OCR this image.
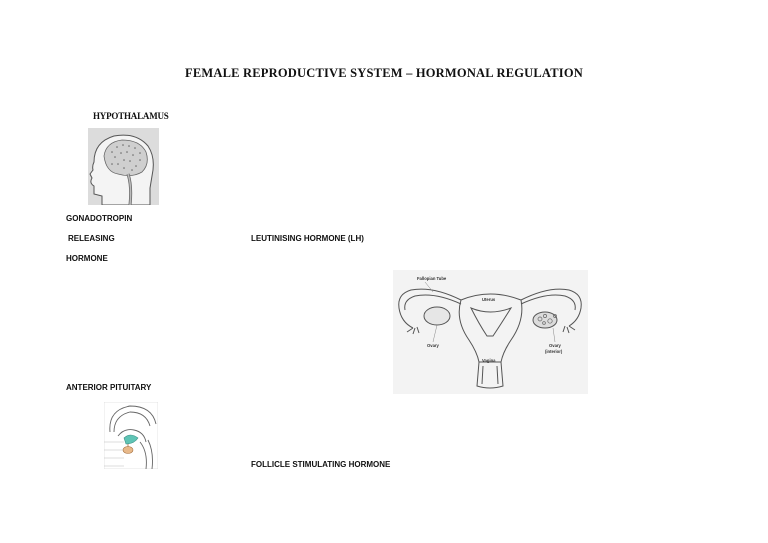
FEMALE REPRODUCTIVE SYSTEM – HORMONAL REGULATION
HYPOTHALAMUS
GONADOTROPIN
RELEASING
HORMONE
LEUTINISING HORMONE (LH)
Fallopian Tube
Uterus
Ovary
Vagina
Ovary
(interior)
ANTERIOR PITUITARY
FOLLICLE STIMULATING HORMONE
